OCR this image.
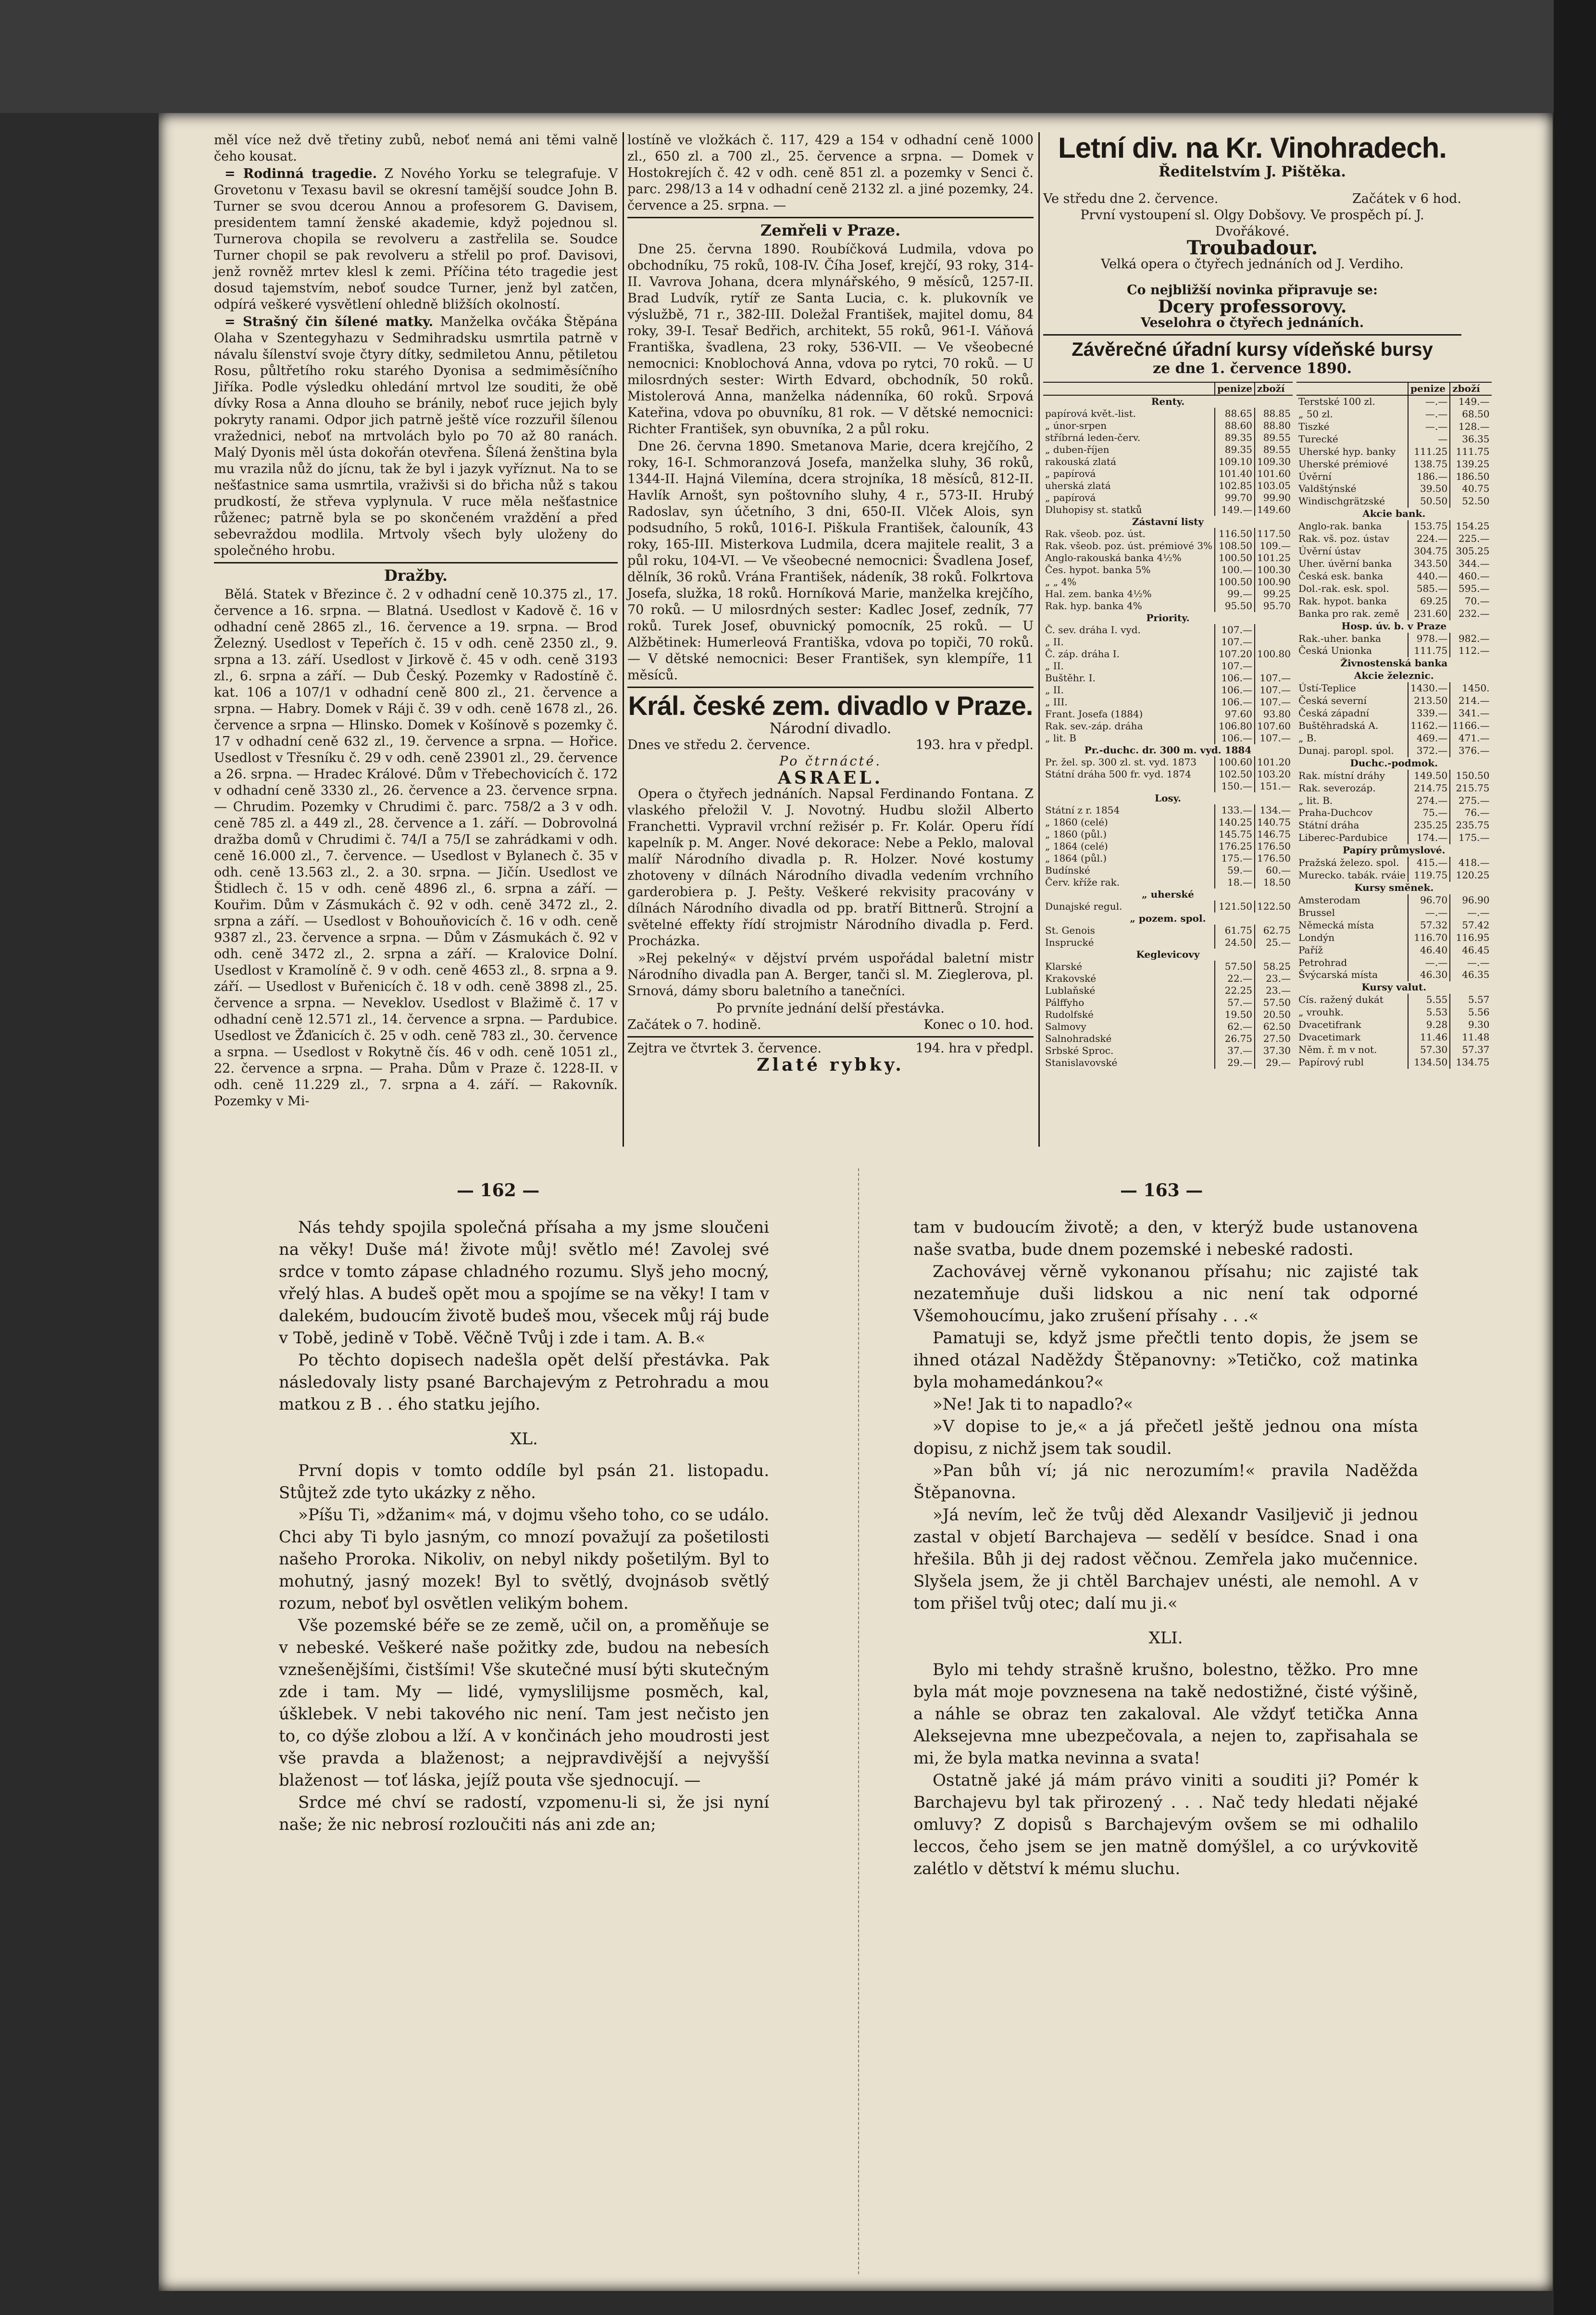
měl více než dvě třetiny zubů, neboť nemá ani těmi valně čeho kousat.

= Rodinná tragedie. Z Nového Yorku se telegrafuje. V Grovetonu v Texasu bavil se okresní tamější soudce John B. Turner se svou dcerou Annou a profesorem G. Davisem, presidentem tamní ženské akademie, když pojednou sl. Turnerova chopila se revolveru a zastřelila se. Soudce Turner chopil se pak revolveru a střelil po prof. Davisovi, jenž rovněž mrtev klesl k zemi. Příčina této tragedie jest dosud tajemstvím, neboť soudce Turner, jenž byl zatčen, odpírá veškeré vysvětlení ohledně bližších okolností.

= Strašný čin šílené matky. Manželka ovčáka Štěpána Olaha v Szentegyhazu v Sedmihradsku usmrtila patrně v návalu šílenství svoje čtyry dítky, sedmiletou Annu, pětiletou Rosu, půltřetího roku starého Dyonisa a sedmiměsíčního Jiříka. Podle výsledku ohledání mrtvol lze souditi, že obě dívky Rosa a Anna dlouho se bránily, neboť ruce jejich byly pokryty ranami. Odpor jich patrně ještě více rozzuřil šílenou vražednici, neboť na mrtvolách bylo po 70 až 80 ranách. Malý Dyonis měl ústa dokořán otevřena. Šílená ženština byla mu vrazila nůž do jícnu, tak že byl i jazyk vyříznut. Na to se nešťastnice sama usmrtila, vraživši si do břicha nůž s takou prudkostí, že střeva vyplynula. V ruce měla nešťastnice růženec; patrně byla se po skončeném vraždění a před sebevraždou modlila. Mrtvoly všech byly uloženy do společného hrobu.

Dražby.

Bělá. Statek v Březince č. 2 v odhadní ceně 10.375 zl., 17. července a 16. srpna. — Blatná. Usedlost v Kadově č. 16 v odhadní ceně 2865 zl., 16. července a 19. srpna. — Brod Železný. Usedlost v Tepeřích č. 15 v odh. ceně 2350 zl., 9. srpna a 13. září. Usedlost v Jirkově č. 45 v odh. ceně 3193 zl., 6. srpna a září. — Dub Český. Pozemky v Radostíně č. kat. 106 a 107/1 v odhadní ceně 800 zl., 21. července a srpna. — Habry. Domek v Ráji č. 39 v odh. ceně 1678 zl., 26. července a srpna — Hlinsko. Domek v Košínově s pozemky č. 17 v odhadní ceně 632 zl., 19. července a srpna. — Hořice. Usedlost v Třesníku č. 29 v odh. ceně 23901 zl., 29. července a 26. srpna. — Hradec Králové. Dům v Třebechovicích č. 172 v odhadní ceně 3330 zl., 26. července a 23. července srpna. — Chrudim. Pozemky v Chrudimi č. parc. 758/2 a 3 v odh. ceně 785 zl. a 449 zl., 28. července a 1. září. — Dobrovolná dražba domů v Chrudimi č. 74/I a 75/I se zahrádkami v odh. ceně 16.000 zl., 7. července. — Usedlost v Bylanech č. 35 v odh. ceně 13.563 zl., 2. a 30. srpna. — Jičín. Usedlost ve Štidlech č. 15 v odh. ceně 4896 zl., 6. srpna a září. — Kouřim. Dům v Zásmukách č. 92 v odh. ceně 3472 zl., 2. srpna a září. — Usedlost v Bohouňovicích č. 16 v odh. ceně 9387 zl., 23. července a srpna. — Dům v Zásmukách č. 92 v odh. ceně 3472 zl., 2. srpna a září. — Kralovice Dolní. Usedlost v Kramolíně č. 9 v odh. ceně 4653 zl., 8. srpna a 9. září. — Usedlost v Buřenicích č. 18 v odh. ceně 3898 zl., 25. července a srpna. — Neveklov. Usedlost v Blažimě č. 17 v odhadní ceně 12.571 zl., 14. července a srpna. — Pardubice. Usedlost ve Žďanicích č. 25 v odh. ceně 783 zl., 30. července a srpna. — Usedlost v Rokytně čís. 46 v odh. ceně 1051 zl., 22. července a srpna. — Praha. Dům v Praze č. 1228-II. v odh. ceně 11.229 zl., 7. srpna a 4. září. — Rakovník. Pozemky v Mi-

lostíně ve vložkách č. 117, 429 a 154 v odhadní ceně 1000 zl., 650 zl. a 700 zl., 25. července a srpna. — Domek v Hostokrejích č. 42 v odh. ceně 851 zl. a pozemky v Senci č. parc. 298/13 a 14 v odhadní ceně 2132 zl. a jiné pozemky, 24. července a 25. srpna. —

Zemřeli v Praze.

Dne 25. června 1890. Roubíčková Ludmila, vdova po obchodníku, 75 roků, 108-IV. Číha Josef, krejčí, 93 roky, 314-II. Vavrova Johana, dcera mlynářského, 9 měsíců, 1257-II. Brad Ludvík, rytíř ze Santa Lucia, c. k. plukovník ve výslužbě, 71 r., 382-III. Doležal František, majitel domu, 84 roky, 39-I. Tesař Bedřich, architekt, 55 roků, 961-I. Váňová Františka, švadlena, 23 roky, 536-VII. — Ve všeobecné nemocnici: Knoblochová Anna, vdova po rytci, 70 roků. — U milosrdných sester: Wirth Edvard, obchodník, 50 roků. Mistolerová Anna, manželka nádenníka, 60 roků. Srpová Kateřina, vdova po obuvníku, 81 rok. — V dětské nemocnici: Richter František, syn obuvníka, 2 a půl roku.

Dne 26. června 1890. Smetanova Marie, dcera krejčího, 2 roky, 16-I. Schmoranzová Josefa, manželka sluhy, 36 roků, 1344-II. Hajná Vilemína, dcera strojníka, 18 měsíců, 812-II. Havlík Arnošt, syn poštovního sluhy, 4 r., 573-II. Hrubý Radoslav, syn účetního, 3 dni, 650-II. Vlček Alois, syn podsudního, 5 roků, 1016-I. Piškula František, čalouník, 43 roky, 165-III. Misterkova Ludmila, dcera majitele realit, 3 a půl roku, 104-VI. — Ve všeobecné nemocnici: Švadlena Josef, dělník, 36 roků. Vrána František, nádeník, 38 roků. Folkrtova Josefa, služka, 18 roků. Horníková Marie, manželka krejčího, 70 roků. — U milosrdných sester: Kadlec Josef, zedník, 77 roků. Turek Josef, obuvnický pomocník, 25 roků. — U Alžbětinek: Humerleová Františka, vdova po topiči, 70 roků. — V dětské nemocnici: Beser František, syn klempíře, 11 měsíců.

Král. české zem. divadlo v Praze.
Národní divadlo.
Dnes ve středu 2. července.	193. hra v předpl.
Po čtrnácté.
ASRAEL.

Opera o čtyřech jednáních. Napsal Ferdinando Fontana. Z vlaského přeložil V. J. Novotný. Hudbu složil Alberto Franchetti. Vypravil vrchní režisér p. Fr. Kolár. Operu řídí kapelník p. M. Anger. Nové dekorace: Nebe a Peklo, maloval malíř Národního divadla p. R. Holzer. Nové kostumy zhotoveny v dílnách Národního divadla vedením vrchního garderobiera p. J. Pešty. Veškeré rekvisity pracovány v dílnách Národního divadla od pp. bratří Bittnerů. Strojní a světelné effekty řídí strojmistr Národního divadla p. Ferd. Procházka.

»Rej pekelný« v dějství prvém uspořádal baletní mistr Národního divadla pan A. Berger, tanči sl. M. Zieglerova, pl. Srnová, dámy sboru baletního a tanečníci.

Po prvníte jednání delší přestávka.
Začátek o 7. hodině.	Konec o 10. hod.
Zejtra ve čtvrtek 3. července.	194. hra v předpl.
Zlaté rybky.
Letní div. na Kr. Vinohradech.
Ředitelstvím J. Pištěka.
Ve středu dne 2. července.	Začátek v 6 hod.
První vystoupení sl. Olgy Dobšovy. Ve prospěch pí. J. Dvořákové.
Troubadour.
Velká opera o čtyřech jednáních od J. Verdiho.
Co nejbližší novinka připravuje se:
Dcery professorovy.
Veselohra o čtyřech jednáních.
Závěrečné úřadní kursy vídeňské bursy
ze dne 1. července 1890.
	penize	zboží
Renty.		
papírová květ.-list.	88.65	88.85
„ únor-srpen	88.60	88.80
stříbrná leden-červ.	89.35	89.55
„ duben-říjen	89.35	89.55
rakouská zlatá	109.10	109.30
„ papírová	101.40	101.60
uherská zlatá	102.85	103.05
„ papírová	99.70	99.90
Dluhopisy st. statků	149.—	149.60
Zástavní listy		
Rak. všeob. poz. úst.	116.50	117.50
Rak. všeob. poz. úst. prémiové 3%	108.50	109.—
Anglo-rakouská banka 4½%	100.50	101.25
Čes. hypot. banka 5%	100.—	100.30
„ „ 4%	100.50	100.90
Hal. zem. banka 4½%	99.—	99.25
Rak. hyp. banka 4%	95.50	95.70
Priority.		
Č. sev. dráha I. vyd.	107.—	
„ II.	107.—	
Č. záp. dráha I.	107.20	100.80
„ II.	107.—	
Buštěhr. I.	106.—	107.—
„ II.	106.—	107.—
„ III.	106.—	107.—
Frant. Josefa (1884)	97.60	93.80
Rak. sev.-záp. dráha	106.80	107.60
„ lit. B	106.—	107.—
Pr.-duchc. dr. 300 m. vyd. 1884		
Pr. žel. sp. 300 zl. st. vyd. 1873	100.60	101.20
Státní dráha 500 fr. vyd. 1874	102.50	103.20
	150.—	151.—
Losy.		
Státní z r. 1854	133.—	134.—
„ 1860 (celé)	140.25	140.75
„ 1860 (půl.)	145.75	146.75
„ 1864 (celé)	176.25	176.50
„ 1864 (půl.)	175.—	176.50
Budínské	59.—	60.—
Červ. kříže rak.	18.—	18.50
„ uherské		
Dunajské regul.	121.50	122.50
„ pozem. spol.		
St. Genois	61.75	62.75
Insprucké	24.50	25.—
Keglevicovy		
Klarské	57.50	58.25
Krakovské	22.—	23.—
Lublaňské	22.25	23.—
Pálffyho	57.—	57.50
Rudolfské	19.50	20.50
Salmovy	62.—	62.50
Salnohradské	26.75	27.50
Srbské Sproc.	37.—	37.30
Stanislavovské	29.—	29.—
	penize	zboží
Terstské 100 zl.	—.—	149.—
„ 50 zl.	—.—	68.50
Tiszké	—.—	128.—
Turecké	—	36.35
Uherské hyp. banky	111.25	111.75
Uherské prémiové	138.75	139.25
Úvěrní	186.—	186.50
Valdštýnské	39.50	40.75
Windischgrätzské	50.50	52.50
Akcie bank.		
Anglo-rak. banka	153.75	154.25
Rak. vš. poz. ústav	224.—	225.—
Úvěrní ústav	304.75	305.25
Uher. úvěrní banka	343.50	344.—
Česká esk. banka	440.—	460.—
Dol.-rak. esk. spol.	585.—	595.—
Rak. hypot. banka	69.25	70.—
Banka pro rak. země	231.60	232.—
Hosp. úv. b. v Praze		
Rak.-uher. banka	978.—	982.—
Česká Unionka	111.75	112.—
Živnostenská banka		
Akcie železnic.		
Ústí-Teplice	1430.—	1450.
Česká severní	213.50	214.—
Česká západní	339.—	341.—
Buštěhradská A.	1162.—	1166.—
„ B.	469.—	471.—
Dunaj. paropl. spol.	372.—	376.—
Duchc.-podmok.		
Rak. místní dráhy	149.50	150.50
Rak. severozáp.	214.75	215.75
„ lit. B.	274.—	275.—
Praha-Duchcov	75.—	76.—
Státní dráha	235.25	235.75
Liberec-Pardubice	174.—	175.—
Papíry průmyslové.		
Pražská železo. spol.	415.—	418.—
Murecko. tabák. rváie	119.75	120.25
Kursy směnek.		
Amsterodam	96.70	96.90
Brussel	—.—	—.—
Německá místa	57.32	57.42
Londýn	116.70	116.95
Paříž	46.40	46.45
Petrohrad	—.—	—.—
Švýcarská místa	46.30	46.35
Kursy valut.		
Cís. ražený dukát	5.55	5.57
„ vrouhk.	5.53	5.56
Dvacetifrank	9.28	9.30
Dvacetimark	11.46	11.48
Něm. ř. m v not.	57.30	57.37
Papírový rubl	134.50	134.75
— 162 —	— 163 —

Nás tehdy spojila společná přísaha a my jsme sloučeni na věky! Duše má! živote můj! světlo mé! Zavolej své srdce v tomto zápase chladného rozumu. Slyš jeho mocný, vřelý hlas. A budeš opět mou a spojíme se na věky! I tam v dalekém, budoucím životě budeš mou, všecek můj ráj bude v Tobě, jedině v Tobě. Věčně Tvůj i zde i tam. A. B.«

Po těchto dopisech nadešla opět delší přestávka. Pak následovaly listy psané Barchajevým z Petrohradu a mou matkou z B . . ého statku jejího.

XL.

První dopis v tomto oddíle byl psán 21. listopadu. Stůjtež zde tyto ukázky z něho.

»Píšu Ti, »džanim« má, v dojmu všeho toho, co se událo. Chci aby Ti bylo jasným, co mnozí považují za pošetilosti našeho Proroka. Nikoliv, on nebyl nikdy pošetilým. Byl to mohutný, jasný mozek! Byl to světlý, dvojnásob světlý rozum, neboť byl osvětlen velikým bohem.

Vše pozemské béře se ze země, učil on, a proměňuje se v nebeské. Veškeré naše požitky zde, budou na nebesích vznešenějšími, čistšími! Vše skutečné musí býti skutečným zde i tam. My — lidé, vymysliliјsme posměch, kal, úšklebek. V nebi takového nic není. Tam jest nečisto jen to, co dýše zlobou a lží. A v končinách jeho moudrosti jest vše pravda a blaženost; a nejpravdivější a nejvyšší blaženost — toť láska, jejíž pouta vše sjednocují. —

Srdce mé chví se radostí, vzpomenu-li si, že jsi nyní naše; že nic nebrosí rozloučiti nás ani zde an;

tam v budoucím životě; a den, v kterýž bude ustanovena naše svatba, bude dnem pozemské i nebeské radosti.

Zachovávej věrně vykonanou přísahu; nic zajisté tak nezatemňuje duši lidskou a nic není tak odporné Všemohoucímu, jako zrušení přísahy . . .«

Pamatuji se, když jsme přečtli tento dopis, že jsem se ihned otázal Naděždy Štěpanovny: »Tetičko, což matinka byla mohamedánkou?«

»Ne! Jak ti to napadlo?«

»V dopise to je,« a já přečetl ještě jednou ona místa dopisu, z nichž jsem tak soudil.

»Pan bůh ví; já nic nerozumím!« pravila Naděžda Štěpanovna.

»Já nevím, leč že tvůj děd Alexandr Vasiljevič ji jednou zastal v objetí Barchajeva — sedělí v besídce. Snad i ona hřešila. Bůh ji dej radost věčnou. Zemřela jako mučennice. Slyšela jsem, že ji chtěl Barchajev unésti, ale nemohl. A v tom přišel tvůj otec; dalí mu ji.«

XLI.

Bylo mi tehdy strašně krušno, bolestno, těžko. Pro mne byla mát moje povznesena na takě nedostižné, čisté výšině, a náhle se obraz ten zakaloval. Ale vždyť tetička Anna Alekseјevna mne ubezpečovala, a nejen to, zapřisahala se mi, že byla matka nevinna a svata!

Ostatně jaké já mám právo viniti a souditi ji? Pomér k Barchajevu byl tak přirozený . . . Nač tedy hledati nějaké omluvy? Z dopisů s Barchajevým ovšem se mi odhalilo leccos, čeho jsem se jen matně domýšlel, a co urývkovitě zalétlo v dětství k mému sluchu.
